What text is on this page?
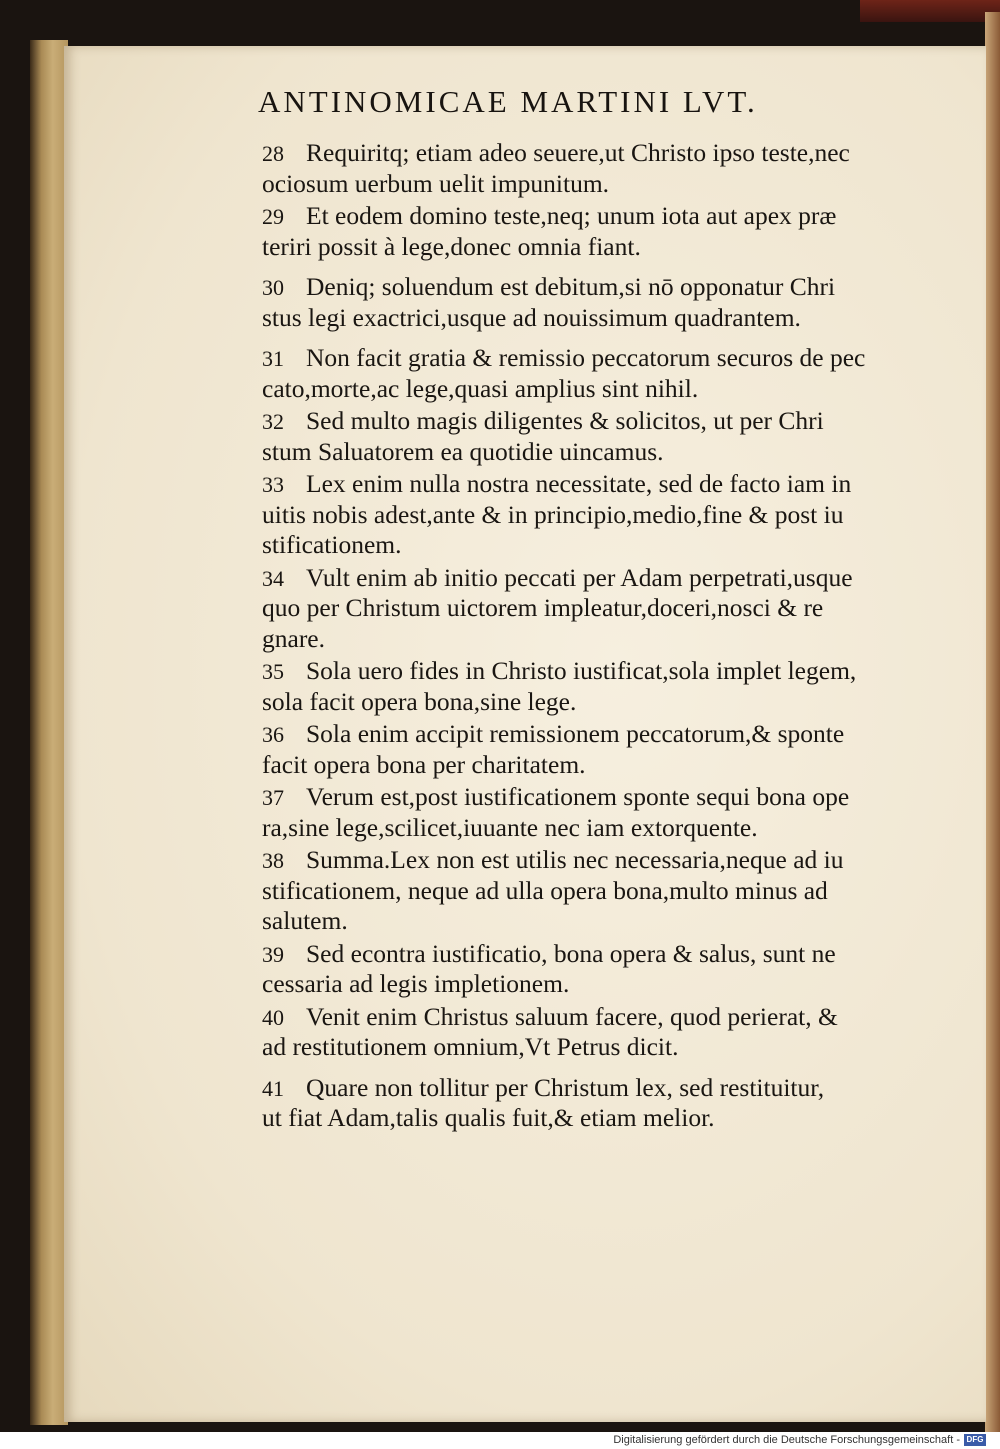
ANTINOMICAE MARTINI LVT.
28 Requiritq; etiam adeo seuere,ut Christo ipso teste,nec
ociosum uerbum uelit impunitum.
29 Et eodem domino teste,neq; unum iota aut apex præ
teriri possit à lege,donec omnia fiant.
30 Deniq; soluendum est debitum,si nō opponatur Chri
stus legi exactrici,usque ad nouissimum quadrantem.
31 Non facit gratia & remissio peccatorum securos de pec
cato,morte,ac lege,quasi amplius sint nihil.
32 Sed multo magis diligentes & solicitos, ut per Chri
stum Saluatorem ea quotidie uincamus.
33 Lex enim nulla nostra necessitate, sed de facto iam in
uitis nobis adest,ante & in principio,medio,fine & post iu
stificationem.
34 Vult enim ab initio peccati per Adam perpetrati,usque
quo per Christum uictorem impleatur,doceri,nosci & re
gnare.
35 Sola uero fides in Christo iustificat,sola implet legem,
sola facit opera bona,sine lege.
36 Sola enim accipit remissionem peccatorum,& sponte
facit opera bona per charitatem.
37 Verum est,post iustificationem sponte sequi bona ope
ra,sine lege,scilicet,iuuante nec iam extorquente.
38 Summa.Lex non est utilis nec necessaria,neque ad iu
stificationem, neque ad ulla opera bona,multo minus ad
salutem.
39 Sed econtra iustificatio, bona opera & salus, sunt ne
cessaria ad legis impletionem.
40 Venit enim Christus saluum facere, quod perierat, &
ad restitutionem omnium,Vt Petrus dicit.
41 Quare non tollitur per Christum lex, sed restituitur,
ut fiat Adam,talis qualis fuit,& etiam melior.
Digitalisierung gefördert durch die Deutsche Forschungsgemeinschaft - DFG
